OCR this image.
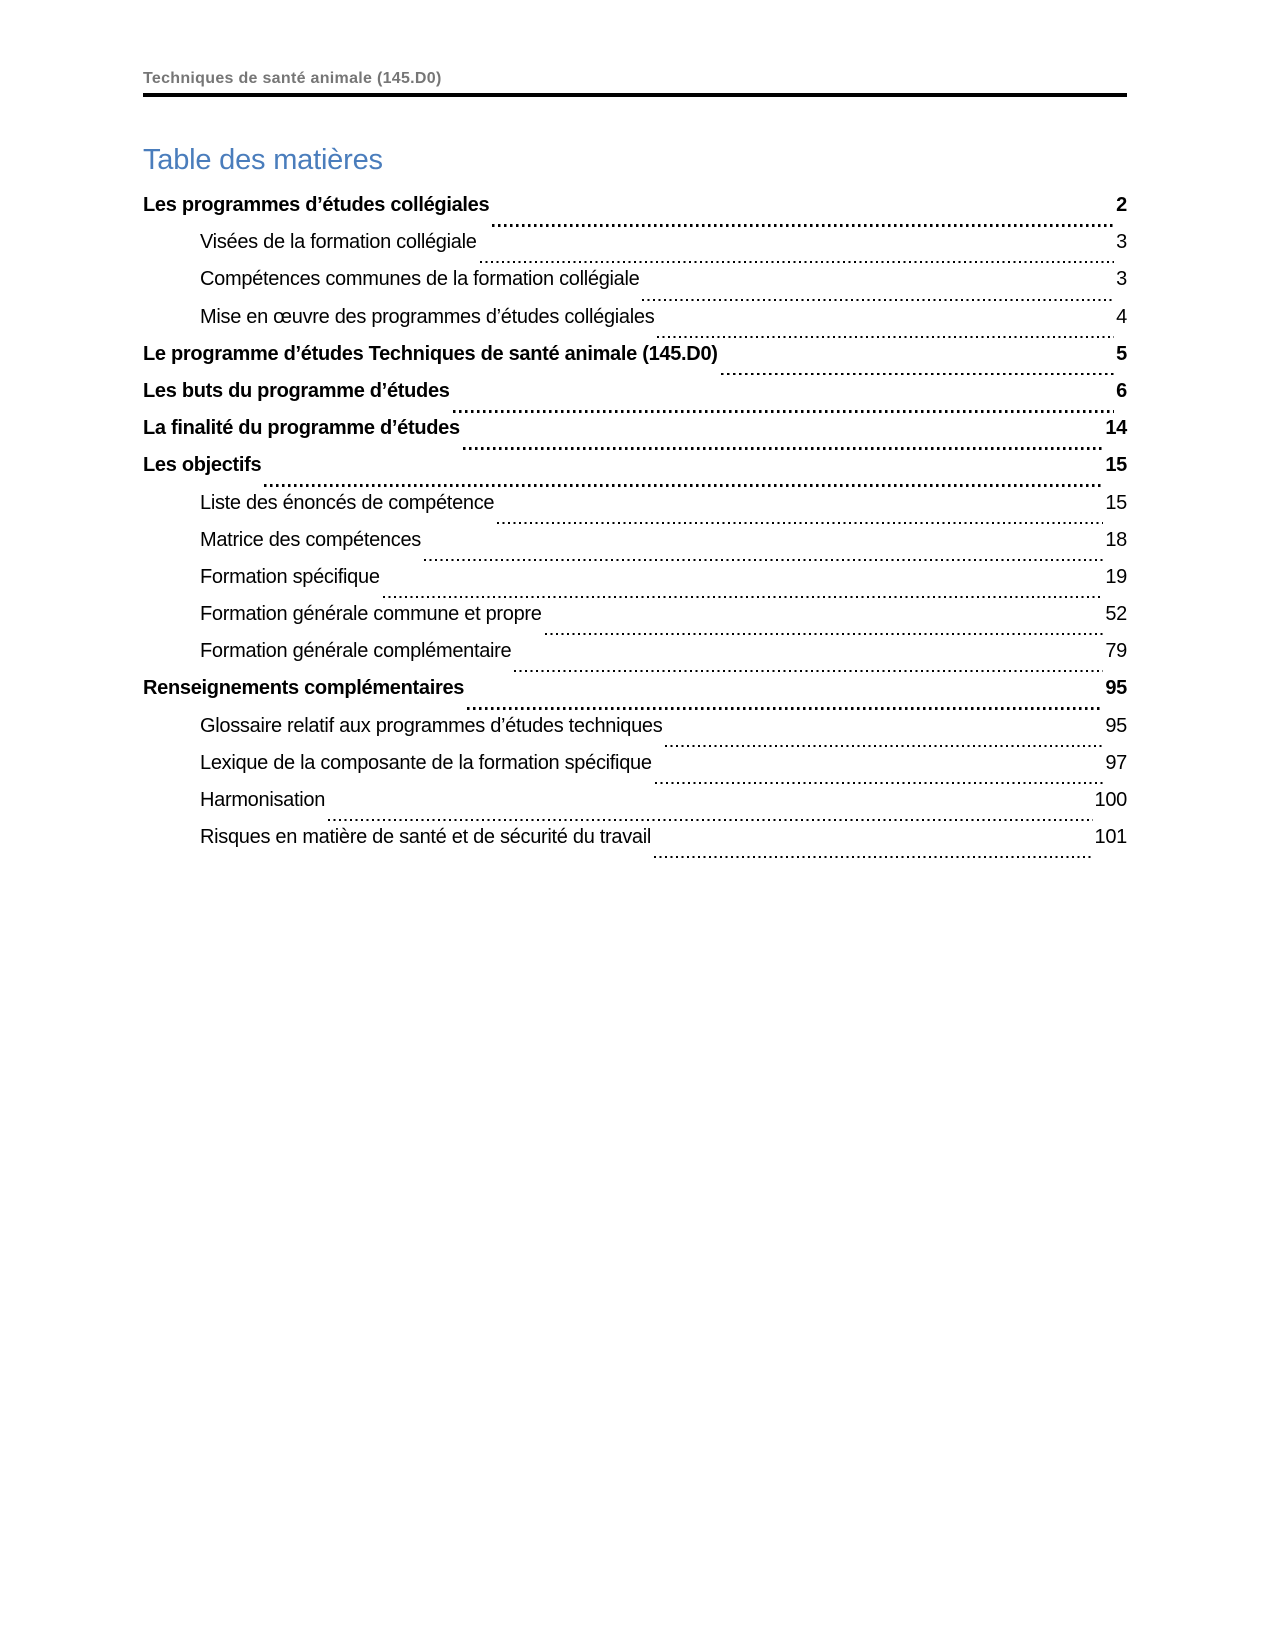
Techniques de santé animale (145.D0)
Table des matières
Les programmes d’études collégiales	2
Visées de la formation collégiale	3
Compétences communes de la formation collégiale	3
Mise en œuvre des programmes d’études collégiales	4
Le programme d’études Techniques de santé animale (145.D0)	5
Les buts du programme d’études	6
La finalité du programme d’études	14
Les objectifs	15
Liste des énoncés de compétence	15
Matrice des compétences	18
Formation spécifique	19
Formation générale commune et propre	52
Formation générale complémentaire	79
Renseignements complémentaires	95
Glossaire relatif aux programmes d’études techniques	95
Lexique de la composante de la formation spécifique	97
Harmonisation	100
Risques en matière de santé et de sécurité du travail	101
